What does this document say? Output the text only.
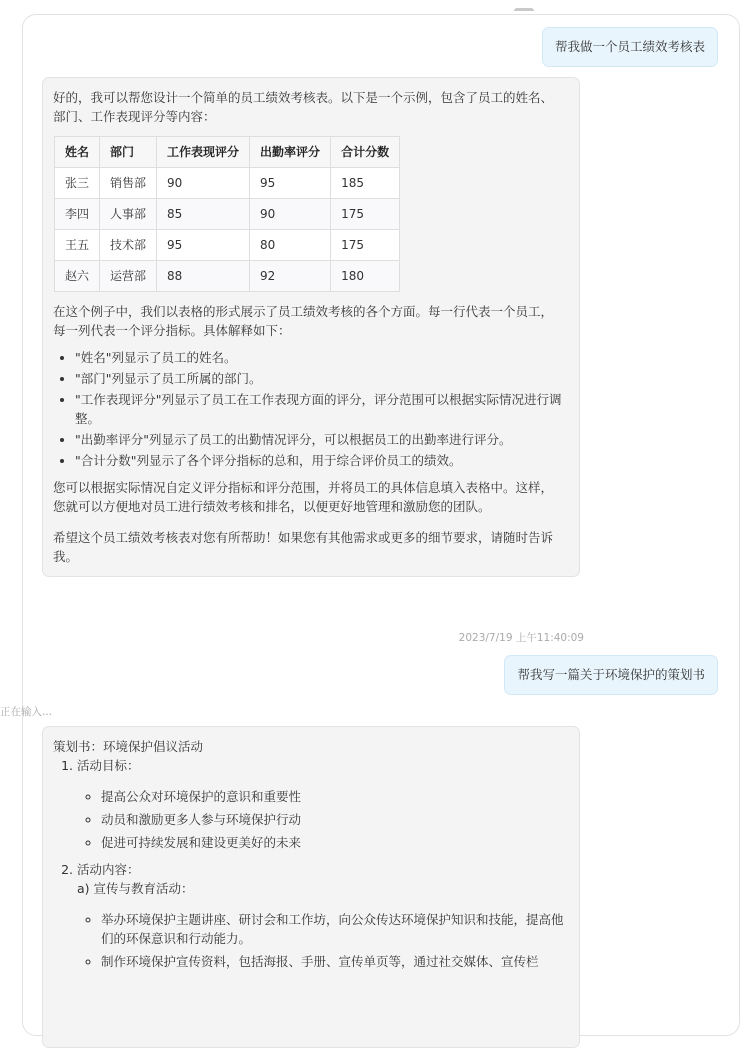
帮我做一个员工绩效考核表

好的，我可以帮您设计一个简单的员工绩效考核表。以下是一个示例，包含了员工的姓名、部门、工作表现评分等内容：

姓名	部门	工作表现评分	出勤率评分	合计分数
张三	销售部	90	95	185
李四	人事部	85	90	175
王五	技术部	95	80	175
赵六	运营部	88	92	180

在这个例子中，我们以表格的形式展示了员工绩效考核的各个方面。每一行代表一个员工，每一列代表一个评分指标。具体解释如下：

• "姓名"列显示了员工的姓名。
• "部门"列显示了员工所属的部门。
• "工作表现评分"列显示了员工在工作表现方面的评分，评分范围可以根据实际情况进行调整。
• "出勤率评分"列显示了员工的出勤情况评分，可以根据员工的出勤率进行评分。
• "合计分数"列显示了各个评分指标的总和，用于综合评价员工的绩效。

您可以根据实际情况自定义评分指标和评分范围，并将员工的具体信息填入表格中。这样，您就可以方便地对员工进行绩效考核和排名，以便更好地管理和激励您的团队。

希望这个员工绩效考核表对您有所帮助！如果您有其他需求或更多的细节要求，请随时告诉我。

2023/7/19 上午11:40:09
帮我写一篇关于环境保护的策划书
正在输入...

策划书：环境保护倡议活动

1. 活动目标：
◦ 提高公众对环境保护的意识和重要性
◦ 动员和激励更多人参与环境保护行动
◦ 促进可持续发展和建设更美好的未来
2. 活动内容：

a) 宣传与教育活动：

◦ 举办环境保护主题讲座、研讨会和工作坊，向公众传达环境保护知识和技能，提高他们的环保意识和行动能力。
◦ 制作环境保护宣传资料，包括海报、手册、宣传单页等，通过社交媒体、宣传栏
